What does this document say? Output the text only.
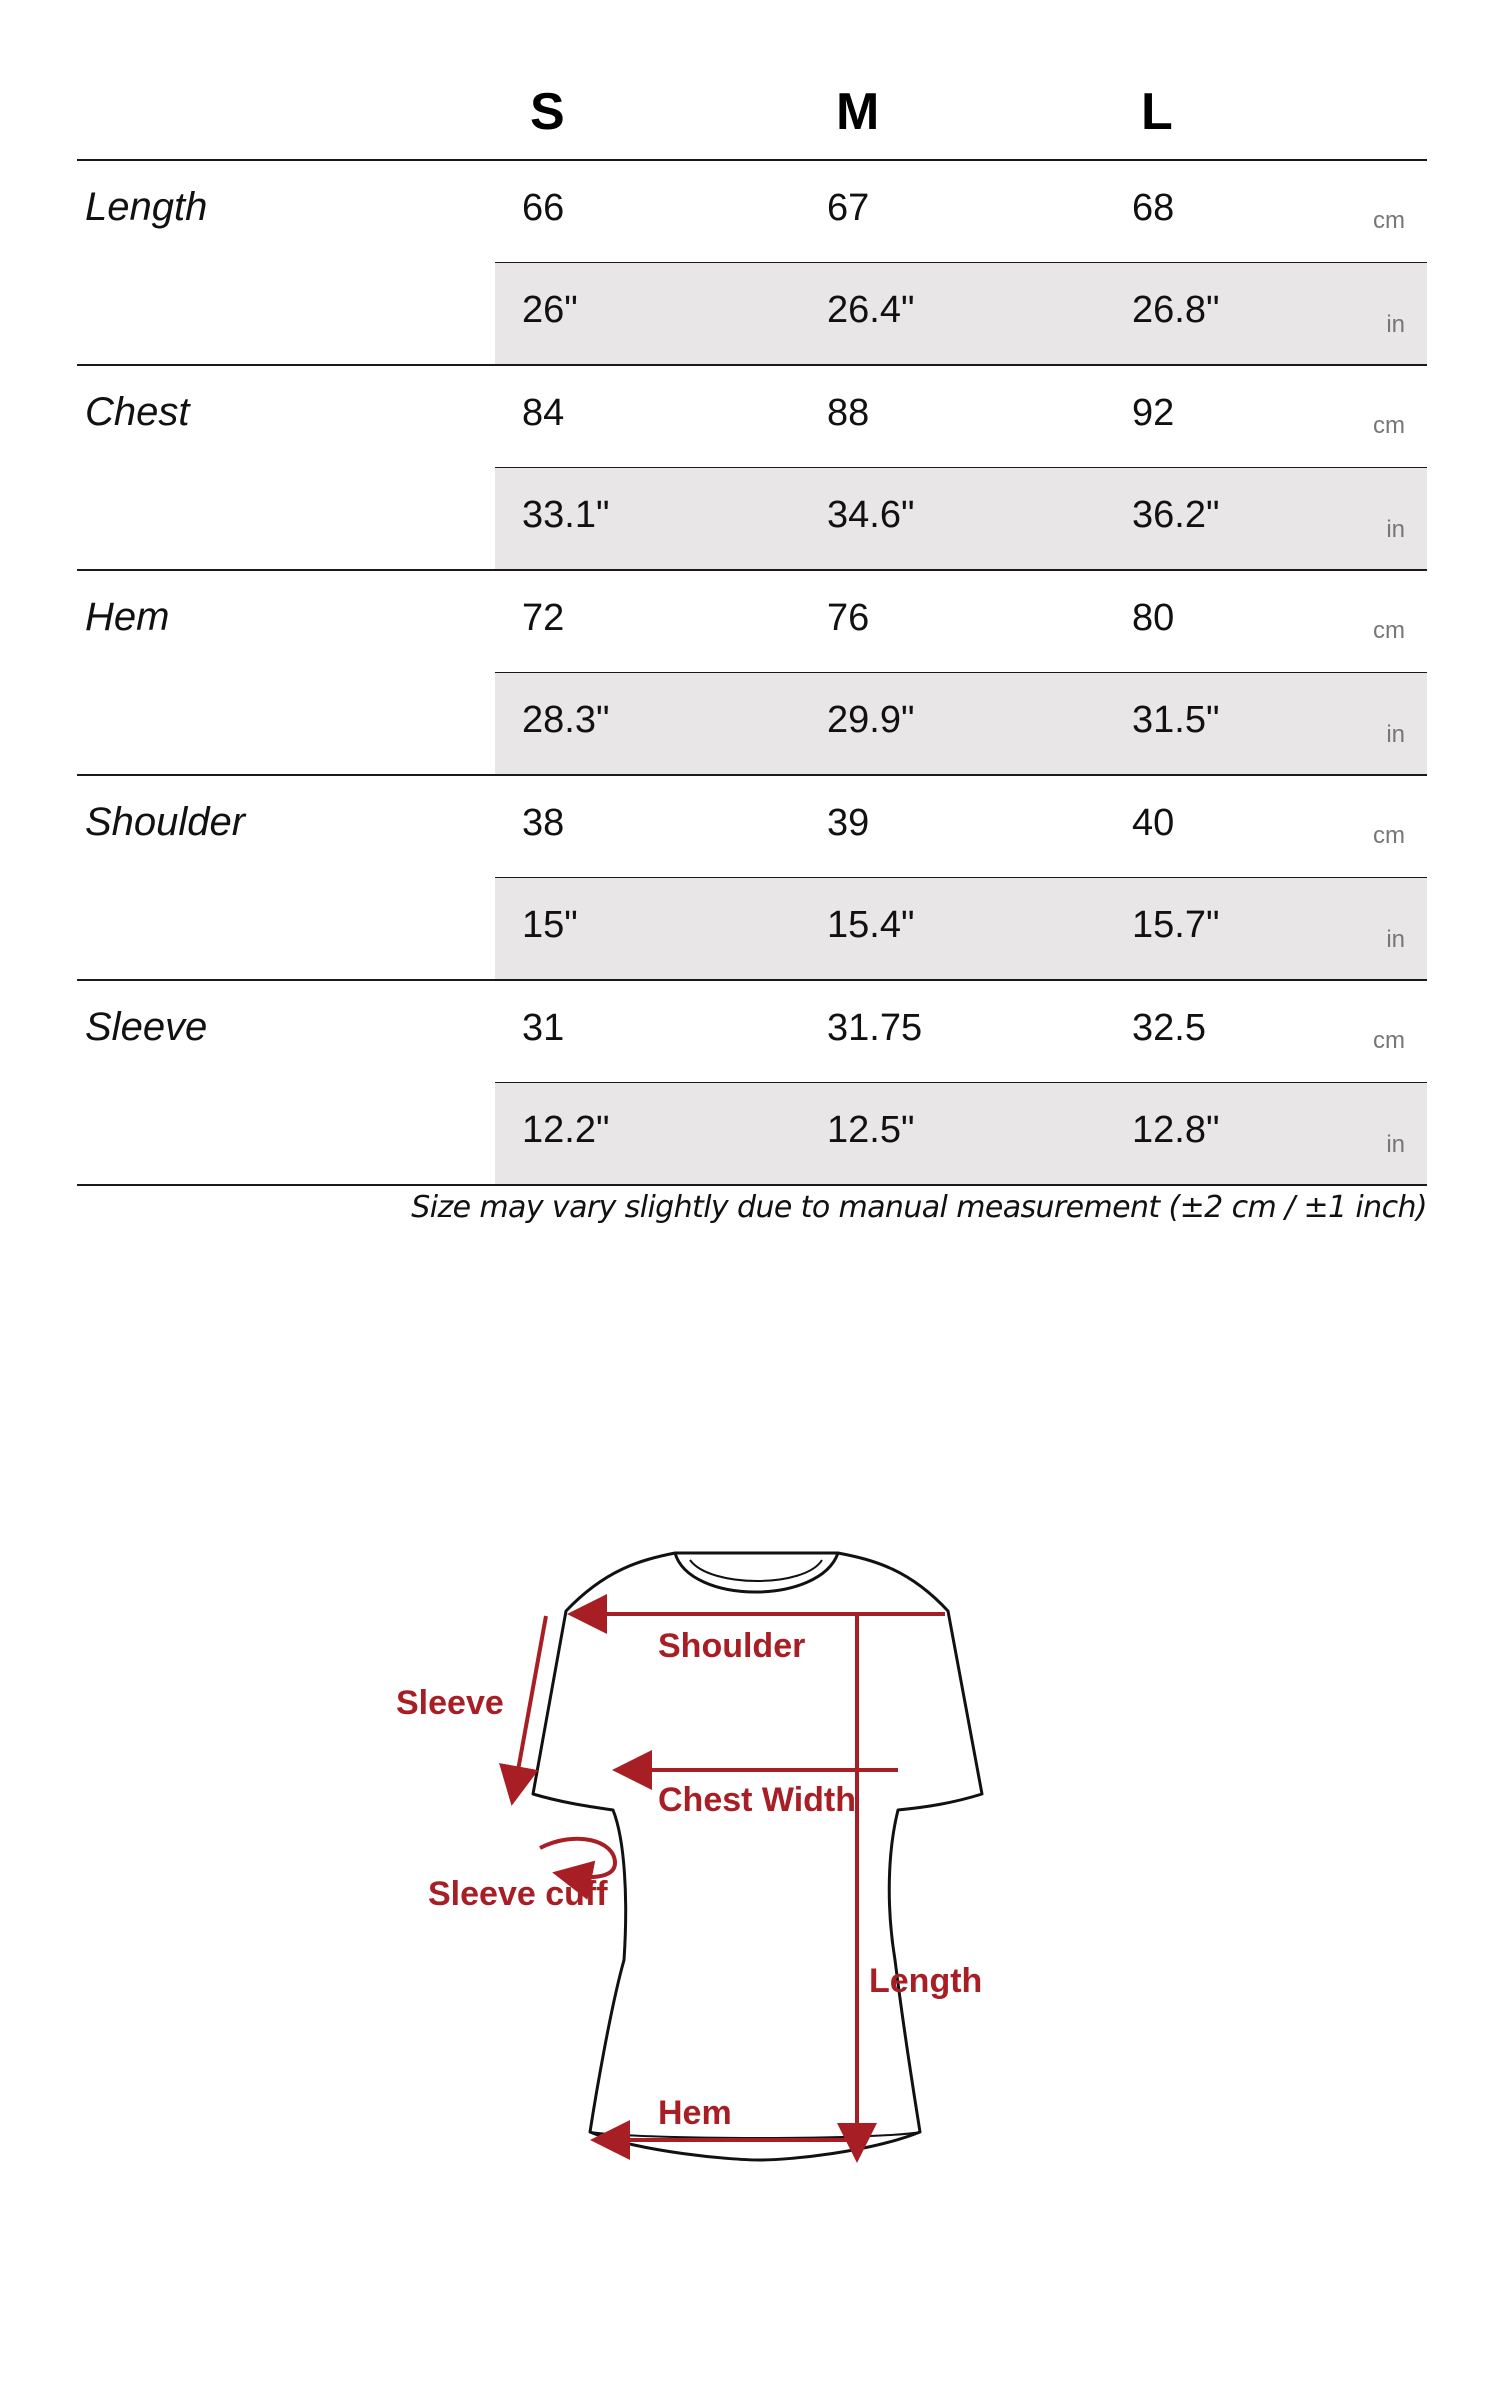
S	M	L
Length	66	67	68	cm
26"	26.4"	26.8"	in
Chest	84	88	92	cm
33.1"	34.6"	36.2"	in
Hem	72	76	80	cm
28.3"	29.9"	31.5"	in
Shoulder	38	39	40	cm
15"	15.4"	15.7"	in
Sleeve	31	31.75	32.5	cm
12.2"	12.5"	12.8"	in
Size may vary slightly due to manual measurement (±2 cm / ±1 inch)
Shoulder
Sleeve
Chest Width
Sleeve cuff
Length
Hem
